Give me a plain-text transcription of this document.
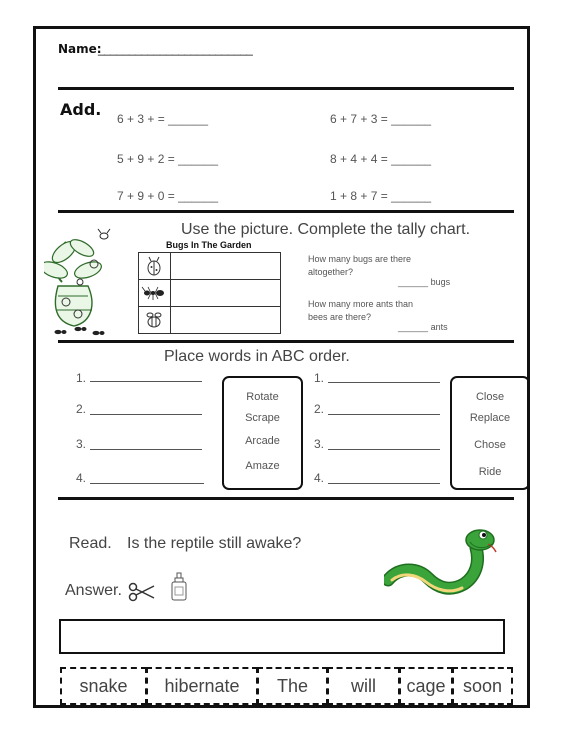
Name:
_________________________
Add. 6 + 3 + = ______	6 + 7 + 3 = ______
5 + 9 + 2 = ______	8 + 4 + 4 = ______
7 + 9 + 0 = ______	1 + 8 + 7 = ______
Use the picture. Complete the tally chart.
Bugs In The Garden
How many bugs are there altogether?
______ bugs
How many more ants than bees are there?
______ ants
Place words in ABC order.
1.
2.
3.
4.
Rotate
Scrape
Arcade
Amaze
1.
2.
3.
4.
Close
Replace
Chose
Ride
Read. Is the reptile still awake?
Answer.
snake	hibernate	The	will	cage soon
